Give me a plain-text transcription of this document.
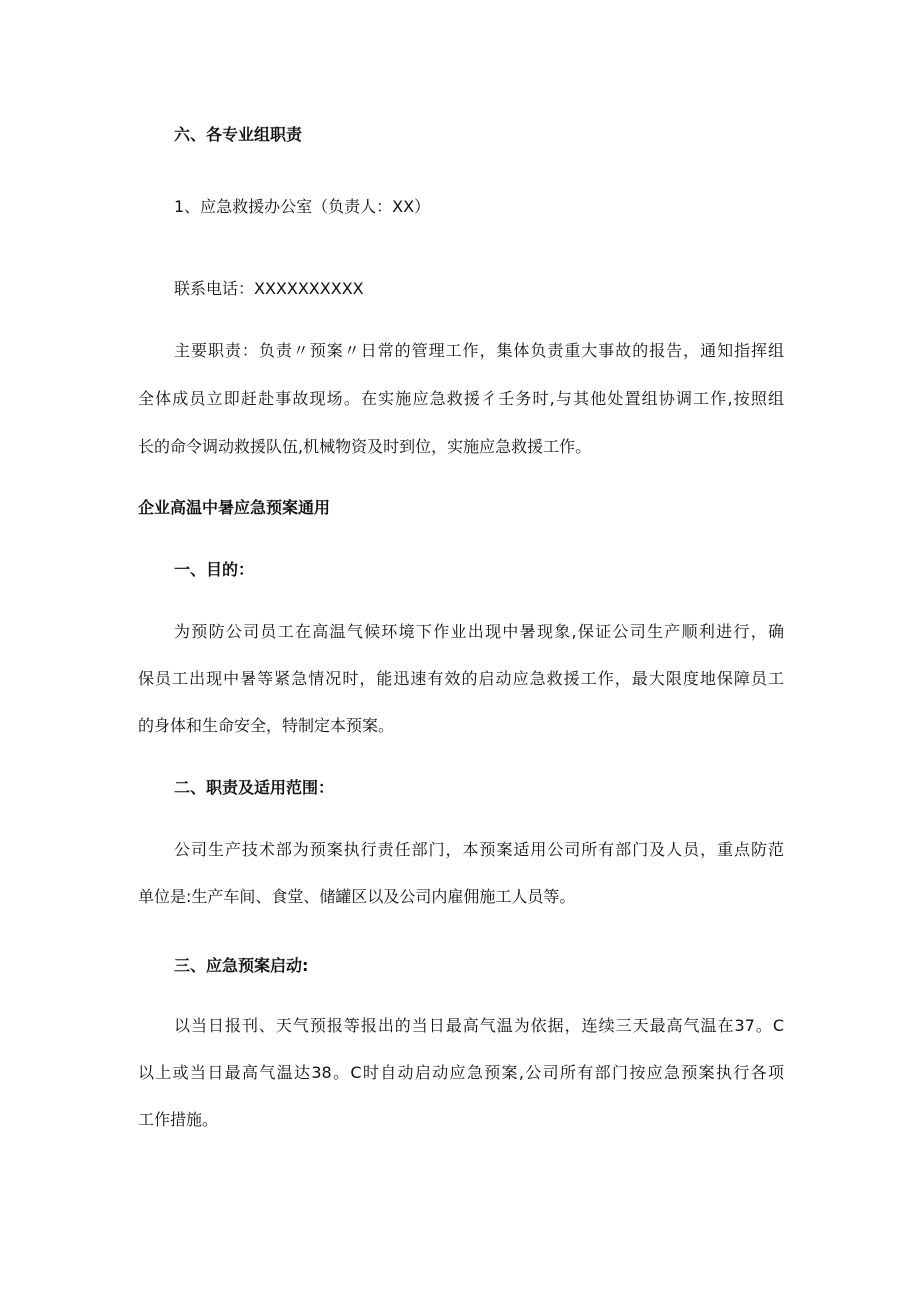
六、各专业组职责
1、应急救援办公室（负责人：XX）
联系电话：XXXXXXXXXX
主要职责：负责〃预案〃日常的管理工作，集体负责重大事故的报告，通知指挥组
全体成员立即赶赴事故现场。在实施应急救援彳壬务时,与其他处置组协调工作,按照组
长的命令调动救援队伍,机械物资及时到位，实施应急救援工作。
企业高温中暑应急预案通用
一、目的：
为预防公司员工在高温气候环境下作业出现中暑现象,保证公司生产顺利进行，确
保员工出现中暑等紧急情况时，能迅速有效的启动应急救援工作，最大限度地保障员工
的身体和生命安全，特制定本预案。
二、职责及适用范围：
公司生产技术部为预案执行责任部门，本预案适用公司所有部门及人员，重点防范
单位是:生产车间、食堂、储罐区以及公司内雇佣施工人员等。
三、应急预案启动:
以当日报刊、天气预报等报出的当日最高气温为依据，连续三天最高气温在37。C
以上或当日最高气温达38。C时自动启动应急预案,公司所有部门按应急预案执行各项
工作措施。
